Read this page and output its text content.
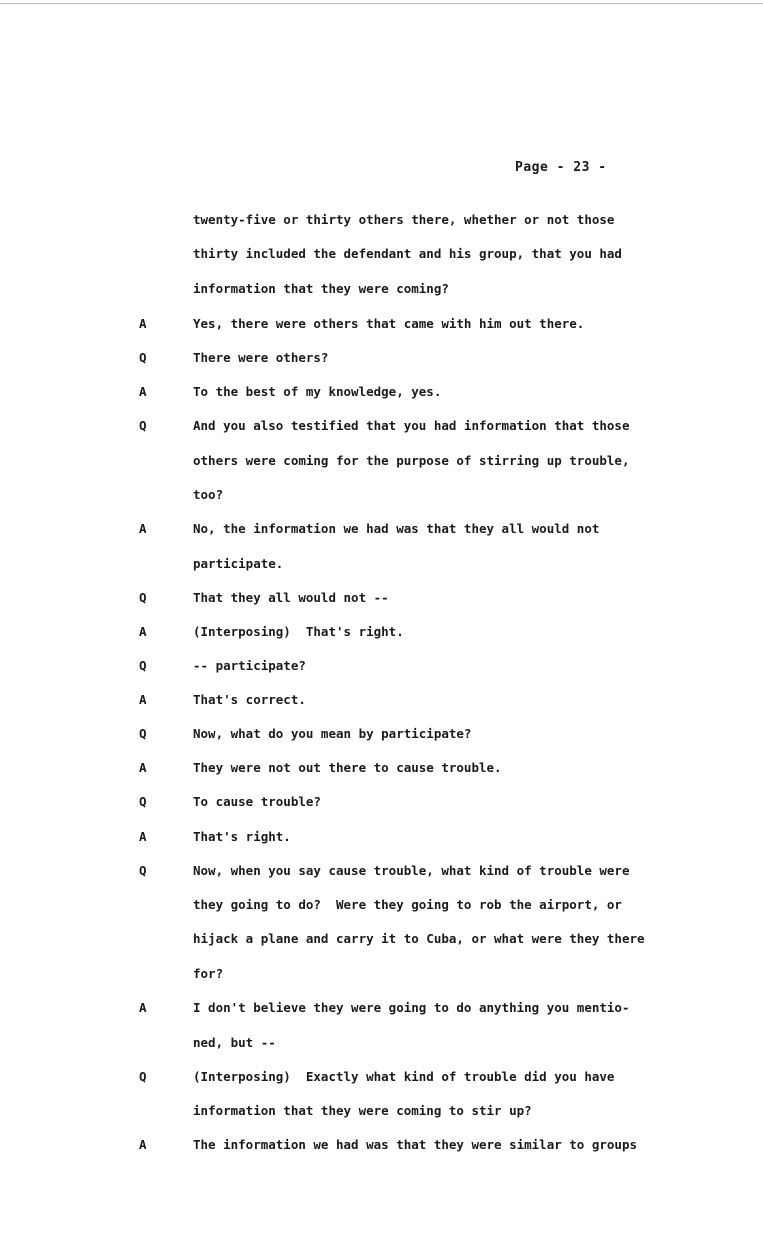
Page - 23 -
twenty-five or thirty others there, whether or not those
thirty included the defendant and his group, that you had
information that they were coming?
A	Yes, there were others that came with him out there.
Q	There were others?
A	To the best of my knowledge, yes.
Q	And you also testified that you had information that those
others were coming for the purpose of stirring up trouble,
too?
A	No, the information we had was that they all would not
participate.
Q	That they all would not --
A	(Interposing)  That's right.
Q	-- participate?
A	That's correct.
Q	Now, what do you mean by participate?
A	They were not out there to cause trouble.
Q	To cause trouble?
A	That's right.
Q	Now, when you say cause trouble, what kind of trouble were
they going to do?  Were they going to rob the airport, or
hijack a plane and carry it to Cuba, or what were they there
for?
A	I don't believe they were going to do anything you mentio-
ned, but --
Q	(Interposing)  Exactly what kind of trouble did you have
information that they were coming to stir up?
A	The information we had was that they were similar to groups
